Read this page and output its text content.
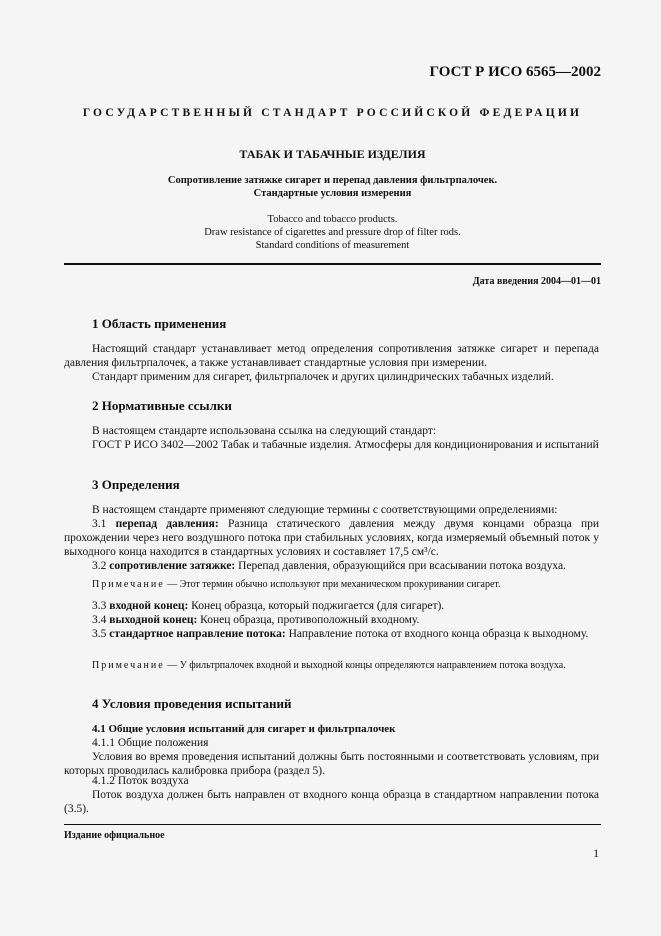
ГОСТ Р ИСО 6565—2002
ГОСУДАРСТВЕННЫЙ СТАНДАРТ РОССИЙСКОЙ ФЕДЕРАЦИИ
ТАБАК И ТАБАЧНЫЕ ИЗДЕЛИЯ
Сопротивление затяжке сигарет и перепад давления фильтрпалочек.
Стандартные условия измерения
Tobacco and tobacco products.
Draw resistance of cigarettes and pressure drop of filter rods.
Standard conditions of measurement
Дата введения 2004—01—01
1 Область применения
Настоящий стандарт устанавливает метод определения сопротивления затяжке сигарет и перепада давления фильтрпалочек, а также устанавливает стандартные условия при измерении.
Стандарт применим для сигарет, фильтрпалочек и других цилиндрических табачных изделий.
2 Нормативные ссылки
В настоящем стандарте использована ссылка на следующий стандарт:
ГОСТ Р ИСО 3402—2002 Табак и табачные изделия. Атмосферы для кондиционирования и испытаний
3 Определения
В настоящем стандарте применяют следующие термины с соответствующими определениями:
3.1 перепад давления: Разница статического давления между двумя концами образца при прохождении через него воздушного потока при стабильных условиях, когда измеряемый объемный поток у выходного конца находится в стандартных условиях и составляет 17,5 см³/с.
3.2 сопротивление затяжке: Перепад давления, образующийся при всасывании потока воздуха.
Примечание — Этот термин обычно используют при механическом прокуривании сигарет.
3.3 входной конец: Конец образца, который поджигается (для сигарет).
3.4 выходной конец: Конец образца, противоположный входному.
3.5 стандартное направление потока: Направление потока от входного конца образца к выходному.
Примечание — У фильтрпалочек входной и выходной концы определяются направлением потока воздуха.
4 Условия проведения испытаний
4.1 Общие условия испытаний для сигарет и фильтрпалочек
4.1.1 Общие положения
Условия во время проведения испытаний должны быть постоянными и соответствовать условиям, при которых проводилась калибровка прибора (раздел 5).
4.1.2 Поток воздуха
Поток воздуха должен быть направлен от входного конца образца в стандартном направлении потока (3.5).
Издание официальное
1
